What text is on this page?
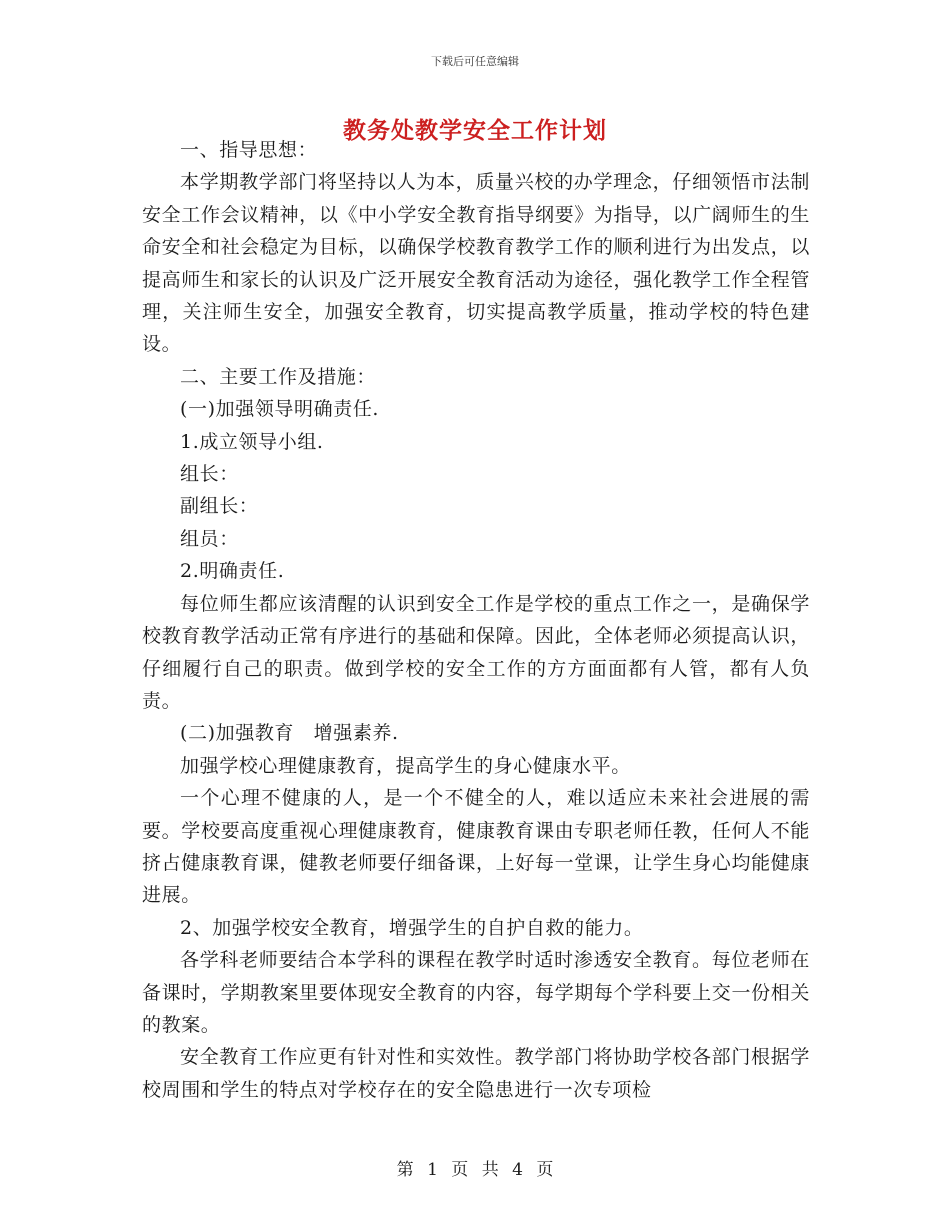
下载后可任意编辑
教务处教学安全工作计划

一、指导思想：

本学期教学部门将坚持以人为本，质量兴校的办学理念，仔细领悟市法制安全工作会议精神，以《中小学安全教育指导纲要》为指导，以广阔师生的生命安全和社会稳定为目标，以确保学校教育教学工作的顺利进行为出发点，以提高师生和家长的认识及广泛开展安全教育活动为途径，强化教学工作全程管理，关注师生安全，加强安全教育，切实提高教学质量，推动学校的特色建设。

二、主要工作及措施：

(一)加强领导明确责任.

1.成立领导小组.

组长：

副组长：

组员：

2.明确责任.

每位师生都应该清醒的认识到安全工作是学校的重点工作之一，是确保学校教育教学活动正常有序进行的基础和保障。因此，全体老师必须提高认识，仔细履行自己的职责。做到学校的安全工作的方方面面都有人管，都有人负责。

(二)加强教育　增强素养.

加强学校心理健康教育，提高学生的身心健康水平。

一个心理不健康的人，是一个不健全的人，难以适应未来社会进展的需要。学校要高度重视心理健康教育，健康教育课由专职老师任教，任何人不能挤占健康教育课，健教老师要仔细备课，上好每一堂课，让学生身心均能健康进展。

2、加强学校安全教育，增强学生的自护自救的能力。

各学科老师要结合本学科的课程在教学时适时渗透安全教育。每位老师在备课时，学期教案里要体现安全教育的内容，每学期每个学科要上交一份相关的教案。

安全教育工作应更有针对性和实效性。教学部门将协助学校各部门根据学校周围和学生的特点对学校存在的安全隐患进行一次专项检

第 1 页 共 4 页
